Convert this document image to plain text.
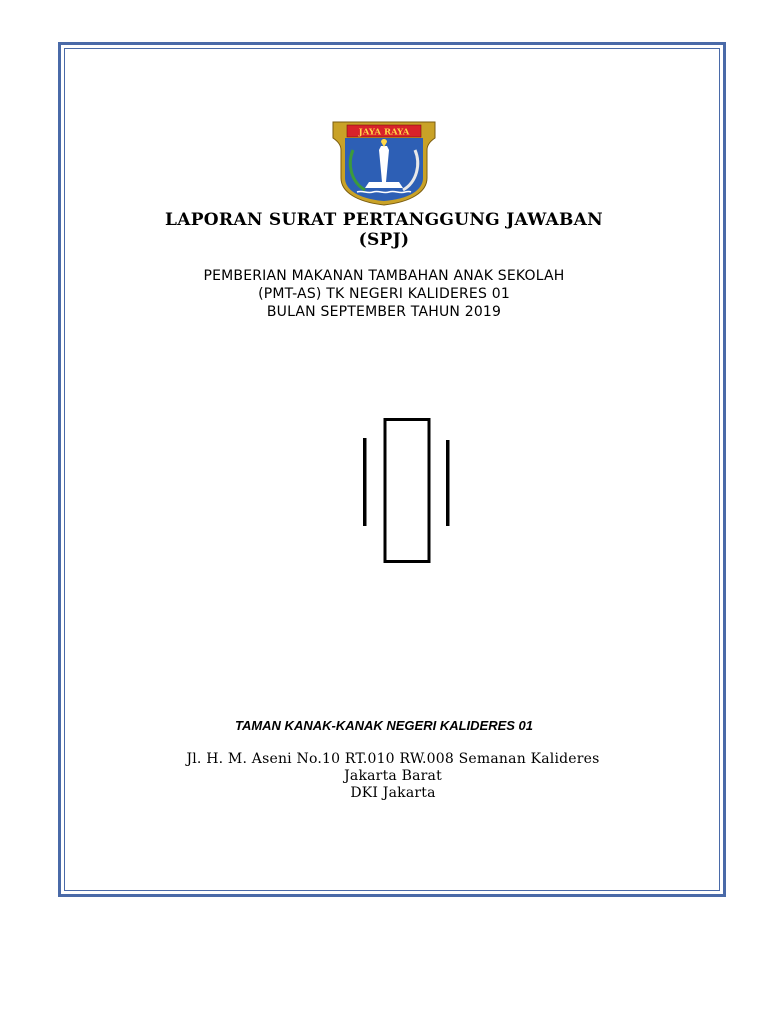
JAYA RAYA
LAPORAN SURAT PERTANGGUNG JAWABAN
(SPJ)
PEMBERIAN MAKANAN TAMBAHAN ANAK SEKOLAH
(PMT-AS) TK NEGERI KALIDERES 01
BULAN SEPTEMBER TAHUN 2019
TAMAN KANAK-KANAK NEGERI KALIDERES 01
Jl. H. M. Aseni No.10 RT.010 RW.008 Semanan Kalideres
Jakarta Barat
DKI Jakarta
